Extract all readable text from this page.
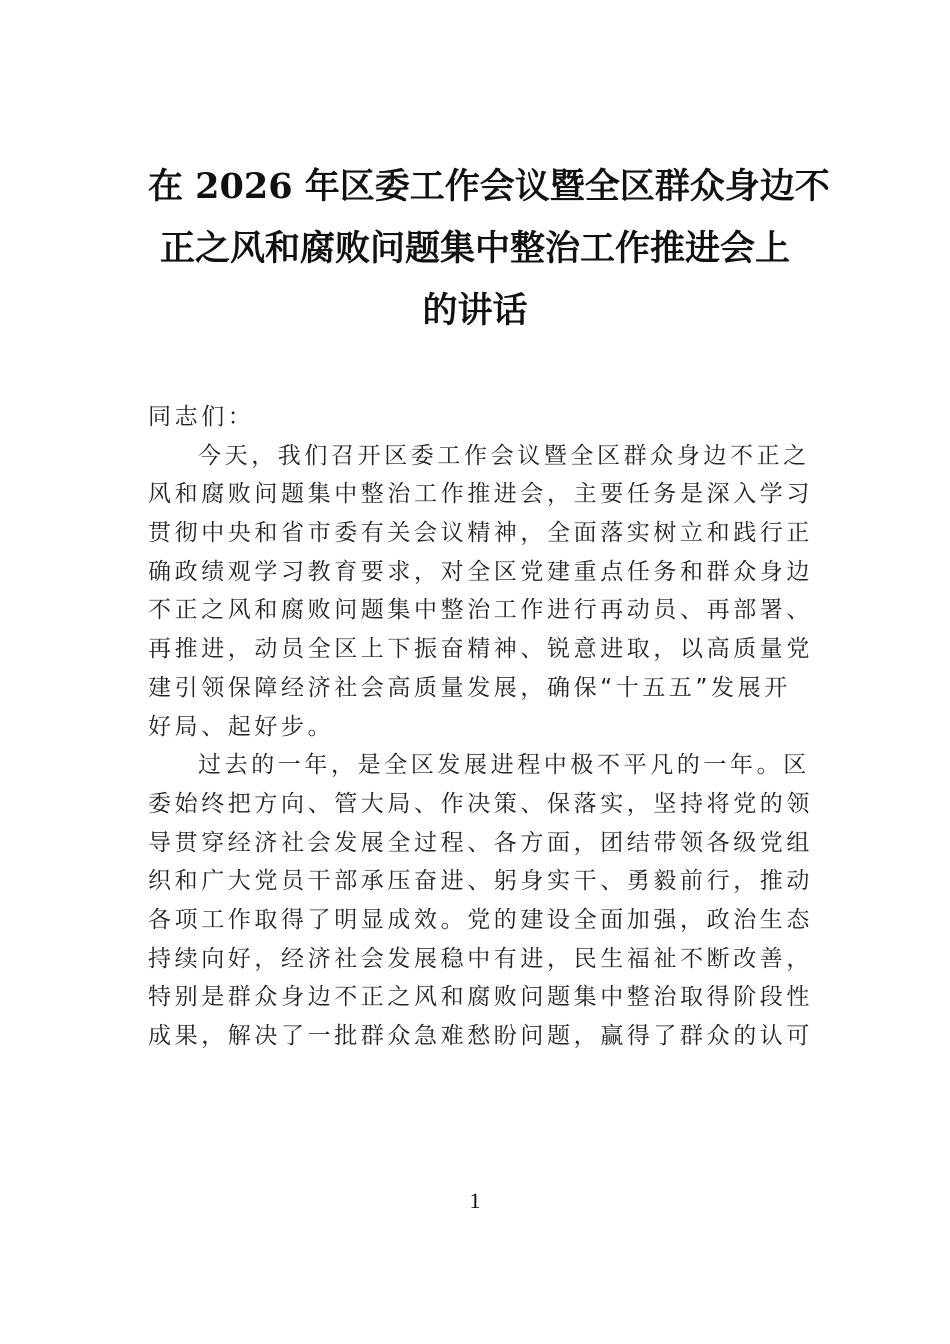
在 2026 年区委工作会议暨全区群众身边不
正之风和腐败问题集中整治工作推进会上
的讲话
同志们：
今天，我们召开区委工作会议暨全区群众身边不正之
风和腐败问题集中整治工作推进会，主要任务是深入学习
贯彻中央和省市委有关会议精神，全面落实树立和践行正
确政绩观学习教育要求，对全区党建重点任务和群众身边
不正之风和腐败问题集中整治工作进行再动员、再部署、
再推进，动员全区上下振奋精神、锐意进取，以高质量党
建引领保障经济社会高质量发展，确保“十五五”发展开
好局、起好步。
过去的一年，是全区发展进程中极不平凡的一年。区
委始终把方向、管大局、作决策、保落实，坚持将党的领
导贯穿经济社会发展全过程、各方面，团结带领各级党组
织和广大党员干部承压奋进、躬身实干、勇毅前行，推动
各项工作取得了明显成效。党的建设全面加强，政治生态
持续向好，经济社会发展稳中有进，民生福祉不断改善，
特别是群众身边不正之风和腐败问题集中整治取得阶段性
成果，解决了一批群众急难愁盼问题，赢得了群众的认可
1
